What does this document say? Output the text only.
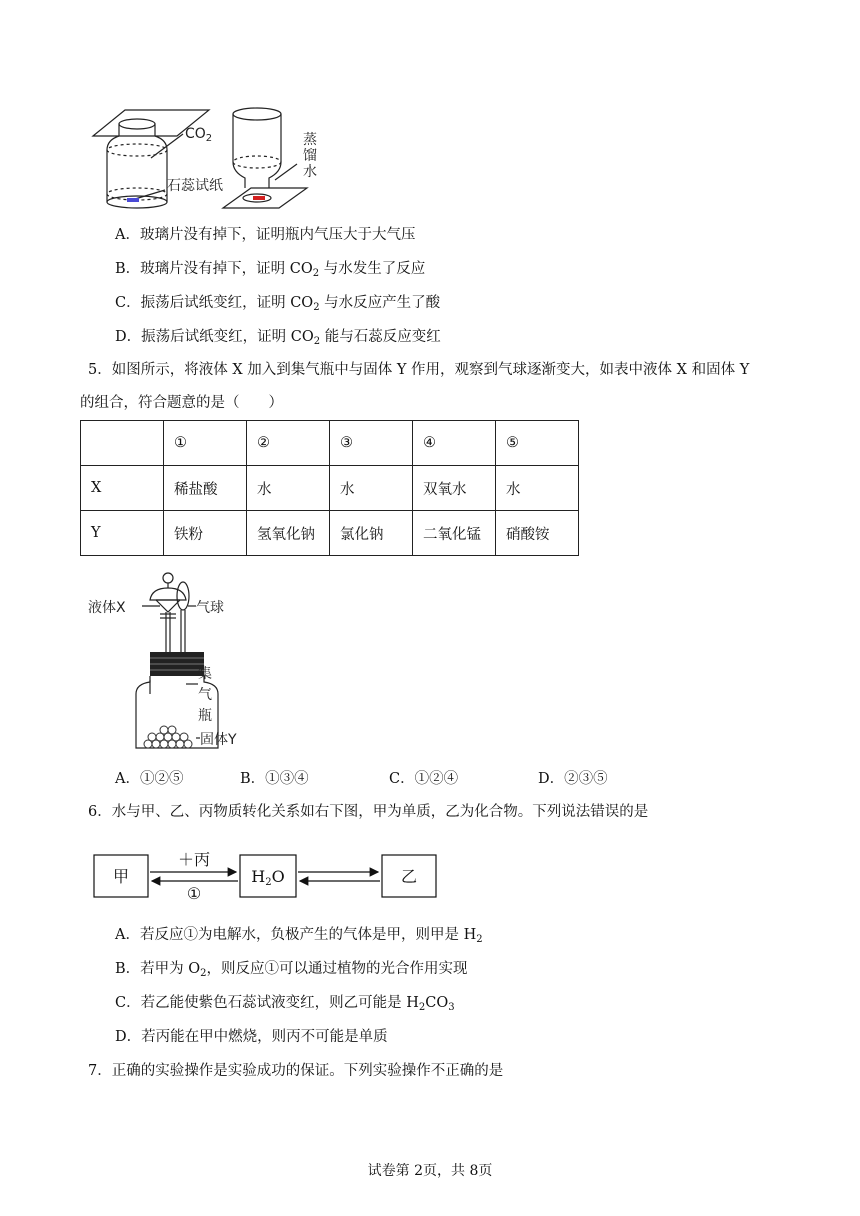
$CO_2$
石蕊试纸
蒸
馏
水
A．玻璃片没有掉下，证明瓶内气压大于大气压
B．玻璃片没有掉下，证明 $CO_2$ 与水发生了反应
C．振荡后试纸变红，证明 $CO_2$ 与水反应产生了酸
D．振荡后试纸变红，证明 $CO_2$ 能与石蕊反应变红
5．如图所示，将液体 X 加入到集气瓶中与固体 Y 作用，观察到气球逐渐变大，如表中液体 X 和固体 Y
的组合，符合题意的是（　　）
	①	②	③	④	⑤
X	稀盐酸	水	水	双氧水	水
Y	铁粉	氢氧化钠	氯化钠	二氧化锰	硝酸铵
液体X	气球
集
气
瓶
固体Y
A．①②⑤	B．①③④	C．①②④	D．②③⑤
6．水与甲、乙、丙物质转化关系如右下图，甲为单质，乙为化合物。下列说法错误的是
甲	H2O	乙
＋丙
①
A．若反应①为电解水，负极产生的气体是甲，则甲是 $H_2$
B．若甲为 $O_2$，则反应①可以通过植物的光合作用实现
C．若乙能使紫色石蕊试液变红，则乙可能是 $H_2CO_3$
D．若丙能在甲中燃烧，则丙不可能是单质
7．正确的实验操作是实验成功的保证。下列实验操作不正确的是
试卷第 2页，共 8页
